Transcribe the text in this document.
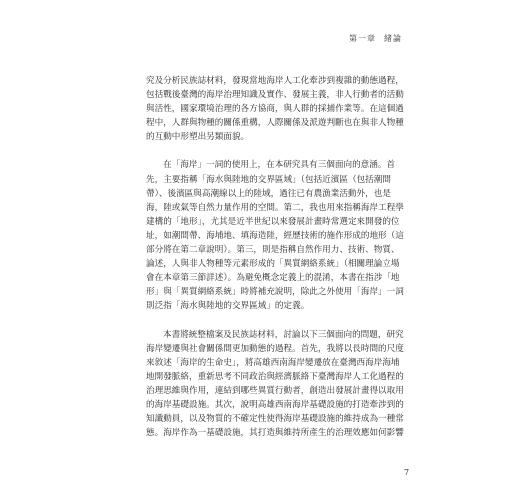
第一章 緒論
究及分析民族誌材料，發現當地海岸人工化牽涉到複雜的動態過程，
包括戰後臺灣的海岸治理知識及實作、發展主義，非人行動者的活動
與活性，國家環境治理的各方協商，與人群的採捕作業等。在這個過
程中，人群與物種的關係重構，人際關係及派遊判斷也在與非人物種
的互動中形塑出另類面貌。
在「海岸」一詞的使用上，在本研究具有三個面向的意涵。首
先，主要指稱「海水與陸地的交界區域」（包括近濱區（包括潮間
帶）、後濱區與高潮線以上的陸域，過往已有農漁業活動外，也是
海，陸或氣等自然力量作用的空間。第二，我也用來指稱海岸工程學
建構的「地形」，尤其是近半世紀以來發展計畫時常選定來開發的位
址，如潮間帶、海埔地、填海造陸，經歷技術的施作形成的地形（這
部分將在第二章說明）。第三，則是指稱自然作用力、技術、物質、
論述，人與非人物種等元素形成的「異質網絡系統」（相關理論立場
會在本章第三節詳述）。為避免概念定義上的混淆，本書在指涉「地
形」與「異質網絡系統」時將補充說明，除此之外使用「海岸」一詞
則泛指「海水與陸地的交界區域」的定義。
本書將統整檔案及民族誌材料，討論以下三個面向的問題，研究
海岸變遷與社會關係間更加動態的過程。首先，我將以長時間的尺度
來敘述「海岸的生命史」，將高雄西南海岸變遷放在臺灣西海岸海埔
地開發脈絡，重新思考不同政治與經濟脈絡下臺灣海岸人工化過程的
治理思維與作用，連結到哪些異質行動者，創造出發展計畫得以取用
的海岸基礎設施。其次，說明高雄西南海岸基礎設施的打造牽涉到的
知識動員，以及物質的不確定性使得海岸基礎設施的維持成為一種常
態。海岸作為一基礎設施，其打造與維持所產生的治理效應如何影響
7
